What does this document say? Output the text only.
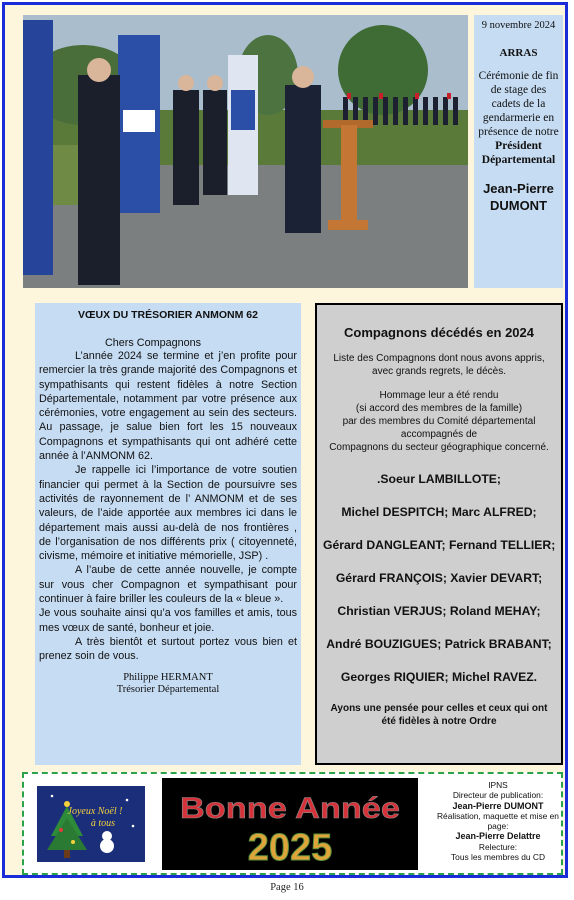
9 novembre 2024
ARRAS
Cérémonie de fin de stage des cadets de la gendarmerie en présence de notre
Président Départemental
Jean-Pierre
DUMONT
VŒUX DU TRÉSORIER ANMONM 62
Chers Compagnons

L’année 2024 se termine et j’en profite pour remercier la très grande majorité des Compagnons et sympathisants qui restent fidèles à notre Section Départementale, notamment par votre présence aux cérémonies, votre engagement au sein des secteurs. Au passage, je salue bien fort les 15 nouveaux Compagnons et sympathisants qui ont adhéré cette année à l’ANMONM 62.

Je rappelle ici l’importance de votre soutien financier qui permet à la Section de poursuivre ses activités de rayonnement de l’ ANMONM et de ses valeurs, de l’aide apportée aux membres ici dans le département mais aussi au-delà de nos frontières , de l’organisation de nos différents prix ( citoyenneté, civisme, mémoire et initiative mémorielle, JSP) .

A l’aube de cette année nouvelle, je compte sur vous cher Compagnon et sympathisant pour continuer à faire briller les couleurs de la « bleue ».

Je vous souhaite ainsi qu’a vos familles et amis, tous mes vœux de santé, bonheur et joie.

A très bientôt et surtout portez vous bien et prenez soin de vous.

Philippe HERMANT
Trésorier Départemental
Compagnons décédés en 2024
Liste des Compagnons dont nous avons appris, avec grands regrets, le décès.
Hommage leur a été rendu
(si accord des membres de la famille)
par des membres du Comité départemental
accompagnés de
Compagnons du secteur géographique concerné.
.Soeur LAMBILLOTE;
Michel DESPITCH; Marc ALFRED;
Gérard DANGLEANT; Fernand TELLIER;
Gérard FRANÇOIS; Xavier DEVART;
Christian VERJUS; Roland MEHAY;
André BOUZIGUES; Patrick BRABANT;
Georges RIQUIER; Michel RAVEZ.
Ayons une pensée pour celles et ceux qui ont été fidèles à notre Ordre
Joyeux Noël !
à tous Bonne Année
2025
IPNS
Directeur de publication:
Jean-Pierre DUMONT
Réalisation, maquette et mise en page:
Jean-Pierre Delattre
Relecture:
Tous les membres du CD
Page 16
